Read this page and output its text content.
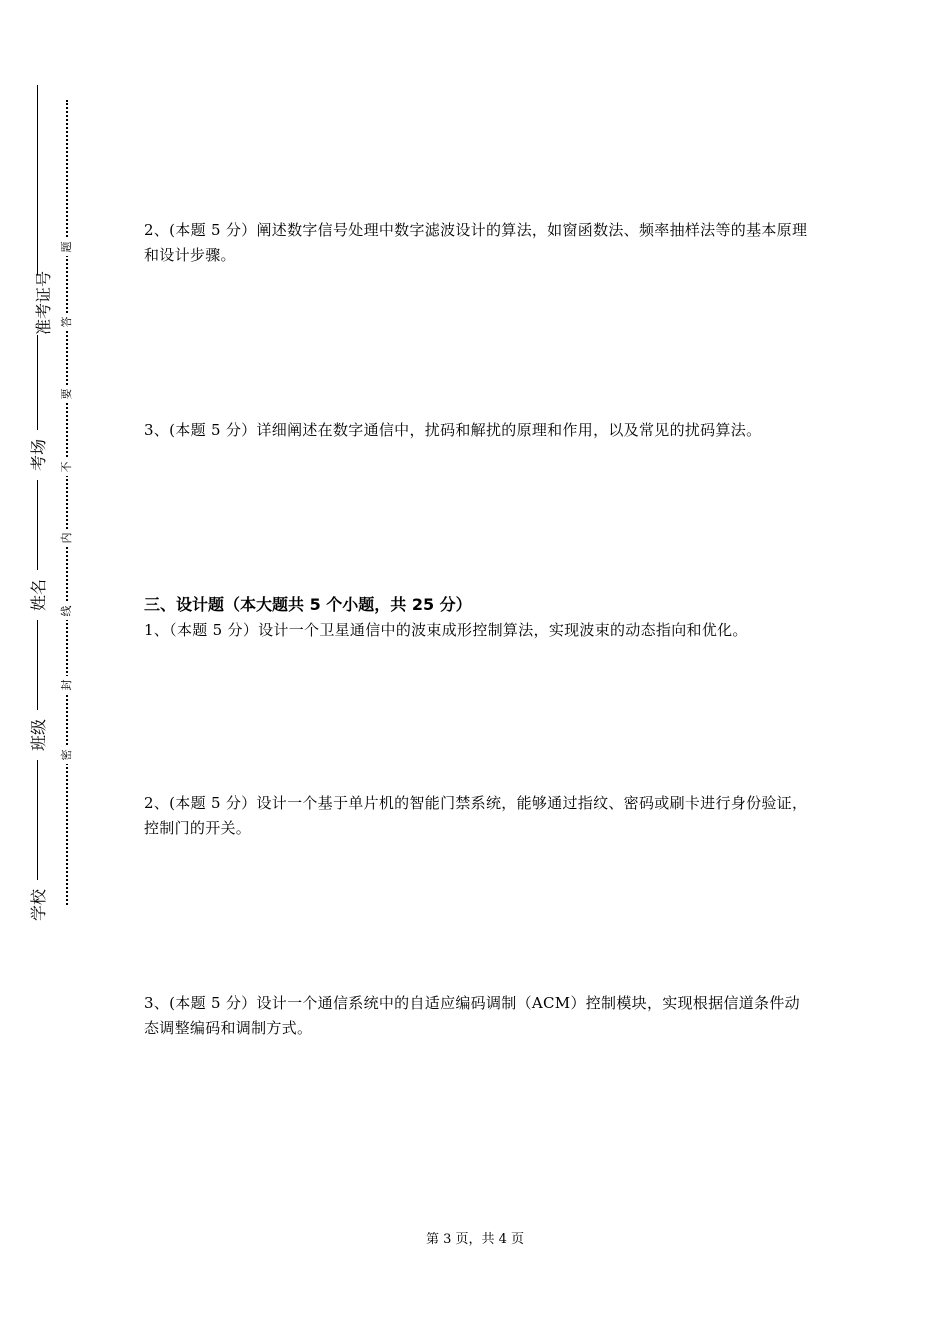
准考证号
考场
姓名
班级
学校
题
答
要
不
内
线
封
密
2、(本题 5 分）阐述数字信号处理中数字滤波设计的算法，如窗函数法、频率抽样法等的基本原理和设计步骤。
3、(本题 5 分）详细阐述在数字通信中，扰码和解扰的原理和作用，以及常见的扰码算法。
三、设计题（本大题共 5 个小题，共 25 分）
1、（本题 5 分）设计一个卫星通信中的波束成形控制算法，实现波束的动态指向和优化。
2、(本题 5 分）设计一个基于单片机的智能门禁系统，能够通过指纹、密码或刷卡进行身份验证，控制门的开关。
3、(本题 5 分）设计一个通信系统中的自适应编码调制（ACM）控制模块，实现根据信道条件动态调整编码和调制方式。
第 3 页，共 4 页
